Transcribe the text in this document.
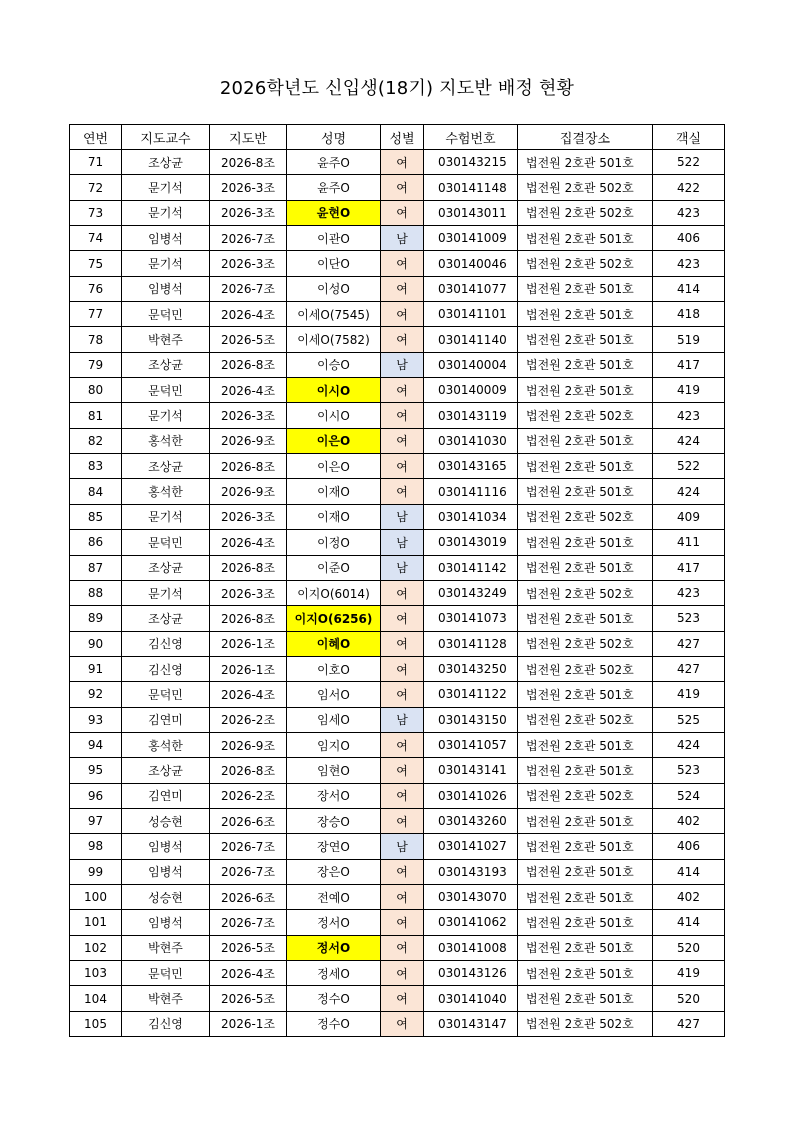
2026학년도 신입생(18기) 지도반 배정 현황
연번	지도교수	지도반	성명	성별	수험번호	집결장소	객실
71	조상균	2026-8조	윤주O	여	030143215	법전원 2호관 501호	522
72	문기석	2026-3조	윤주O	여	030141148	법전원 2호관 502호	422
73	문기석	2026-3조	윤현O	여	030143011	법전원 2호관 502호	423
74	임병석	2026-7조	이관O	남	030141009	법전원 2호관 501호	406
75	문기석	2026-3조	이단O	여	030140046	법전원 2호관 502호	423
76	임병석	2026-7조	이성O	여	030141077	법전원 2호관 501호	414
77	문덕민	2026-4조	이세O(7545)	여	030141101	법전원 2호관 501호	418
78	박현주	2026-5조	이세O(7582)	여	030141140	법전원 2호관 501호	519
79	조상균	2026-8조	이승O	남	030140004	법전원 2호관 501호	417
80	문덕민	2026-4조	이시O	여	030140009	법전원 2호관 501호	419
81	문기석	2026-3조	이시O	여	030143119	법전원 2호관 502호	423
82	홍석한	2026-9조	이은O	여	030141030	법전원 2호관 501호	424
83	조상균	2026-8조	이은O	여	030143165	법전원 2호관 501호	522
84	홍석한	2026-9조	이재O	여	030141116	법전원 2호관 501호	424
85	문기석	2026-3조	이재O	남	030141034	법전원 2호관 502호	409
86	문덕민	2026-4조	이정O	남	030143019	법전원 2호관 501호	411
87	조상균	2026-8조	이준O	남	030141142	법전원 2호관 501호	417
88	문기석	2026-3조	이지O(6014)	여	030143249	법전원 2호관 502호	423
89	조상균	2026-8조	이지O(6256)	여	030141073	법전원 2호관 501호	523
90	김신영	2026-1조	이혜O	여	030141128	법전원 2호관 502호	427
91	김신영	2026-1조	이호O	여	030143250	법전원 2호관 502호	427
92	문덕민	2026-4조	임서O	여	030141122	법전원 2호관 501호	419
93	김연미	2026-2조	임세O	남	030143150	법전원 2호관 502호	525
94	홍석한	2026-9조	임지O	여	030141057	법전원 2호관 501호	424
95	조상균	2026-8조	임현O	여	030143141	법전원 2호관 501호	523
96	김연미	2026-2조	장서O	여	030141026	법전원 2호관 502호	524
97	성승현	2026-6조	장승O	여	030143260	법전원 2호관 501호	402
98	임병석	2026-7조	장연O	남	030141027	법전원 2호관 501호	406
99	임병석	2026-7조	장은O	여	030143193	법전원 2호관 501호	414
100	성승현	2026-6조	전예O	여	030143070	법전원 2호관 501호	402
101	임병석	2026-7조	정서O	여	030141062	법전원 2호관 501호	414
102	박현주	2026-5조	정서O	여	030141008	법전원 2호관 501호	520
103	문덕민	2026-4조	정세O	여	030143126	법전원 2호관 501호	419
104	박현주	2026-5조	정수O	여	030141040	법전원 2호관 501호	520
105	김신영	2026-1조	정수O	여	030143147	법전원 2호관 502호	427
